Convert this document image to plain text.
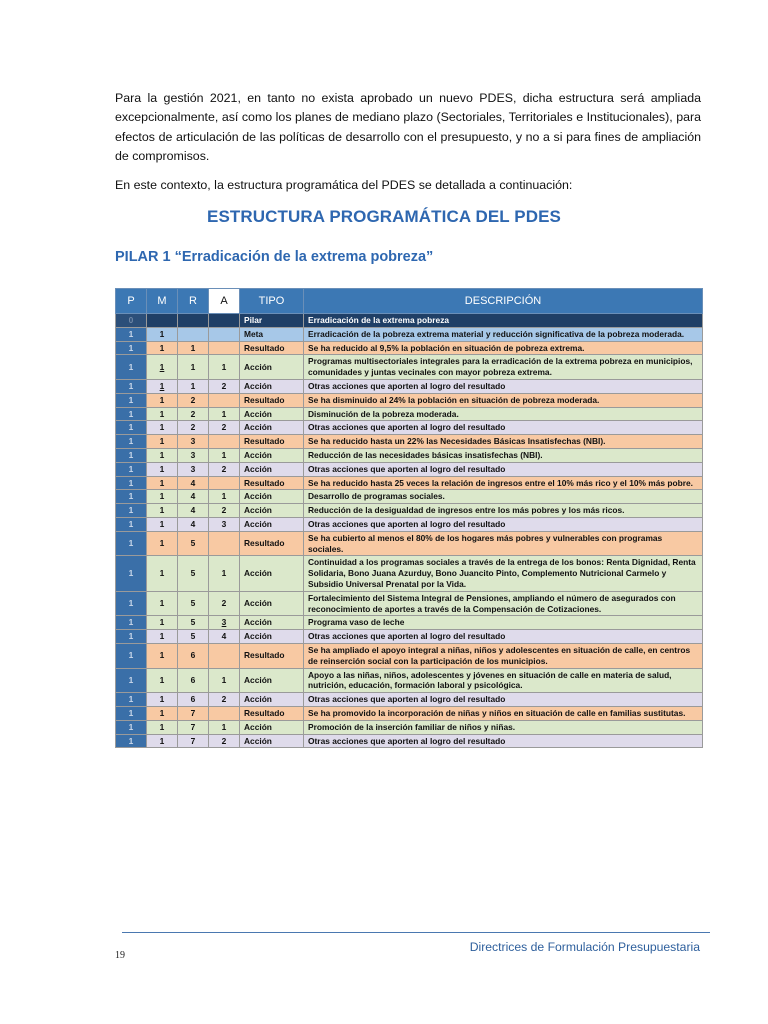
Para la gestión 2021, en tanto no exista aprobado un nuevo PDES, dicha estructura será ampliada excepcionalmente, así como los planes de mediano plazo (Sectoriales, Territoriales e Institucionales), para efectos de articulación de las políticas de desarrollo con el presupuesto, y no a si para fines de ampliación de compromisos.

En este contexto, la estructura programática del PDES se detallada a continuación:

ESTRUCTURA PROGRAMÁTICA DEL PDES
PILAR 1 “Erradicación de la extrema pobreza”
P	M	R	A	TIPO	DESCRIPCIÓN
0				Pilar	Erradicación de la extrema pobreza
1	1			Meta	Erradicación de la pobreza extrema material y reducción significativa de la pobreza moderada.
1	1	1		Resultado	Se ha reducido al 9,5% la población en situación de pobreza extrema.
1	1	1	1	Acción	Programas multisectoriales integrales para la erradicación de la extrema pobreza en municipios, comunidades y juntas vecinales con mayor pobreza extrema.
1	1	1	2	Acción	Otras acciones que aporten al logro del resultado
1	1	2		Resultado	Se ha disminuido al 24% la población en situación de pobreza moderada.
1	1	2	1	Acción	Disminución de la pobreza moderada.
1	1	2	2	Acción	Otras acciones que aporten al logro del resultado
1	1	3		Resultado	Se ha reducido hasta un 22% las Necesidades Básicas Insatisfechas (NBI).
1	1	3	1	Acción	Reducción de las necesidades básicas insatisfechas (NBI).
1	1	3	2	Acción	Otras acciones que aporten al logro del resultado
1	1	4		Resultado	Se ha reducido hasta 25 veces la relación de ingresos entre el 10% más rico y el 10% más pobre.
1	1	4	1	Acción	Desarrollo de programas sociales.
1	1	4	2	Acción	Reducción de la desigualdad de ingresos entre los más pobres y los más ricos.
1	1	4	3	Acción	Otras acciones que aporten al logro del resultado
1	1	5		Resultado	Se ha cubierto al menos el 80% de los hogares más pobres y vulnerables con programas sociales.
1	1	5	1	Acción	Continuidad a los programas sociales a través de la entrega de los bonos: Renta Dignidad, Renta Solidaria, Bono Juana Azurduy, Bono Juancito Pinto, Complemento Nutricional Carmelo y Subsidio Universal Prenatal por la Vida.
1	1	5	2	Acción	Fortalecimiento del Sistema Integral de Pensiones, ampliando el número de asegurados con reconocimiento de aportes a través de la Compensación de Cotizaciones.
1	1	5	3	Acción	Programa vaso de leche
1	1	5	4	Acción	Otras acciones que aporten al logro del resultado
1	1	6		Resultado	Se ha ampliado el apoyo integral a niñas, niños y adolescentes en situación de calle, en centros de reinserción social con la participación de los municipios.
1	1	6	1	Acción	Apoyo a las niñas, niños, adolescentes y jóvenes en situación de calle en materia de salud, nutrición, educación, formación laboral y psicológica.
1	1	6	2	Acción	Otras acciones que aporten al logro del resultado
1	1	7		Resultado	Se ha promovido la incorporación de niñas y niños en situación de calle en familias sustitutas.
1	1	7	1	Acción	Promoción de la inserción familiar de niños y niñas.
1	1	7	2	Acción	Otras acciones que aporten al logro del resultado

Directrices de Formulación Presupuestaria

19
